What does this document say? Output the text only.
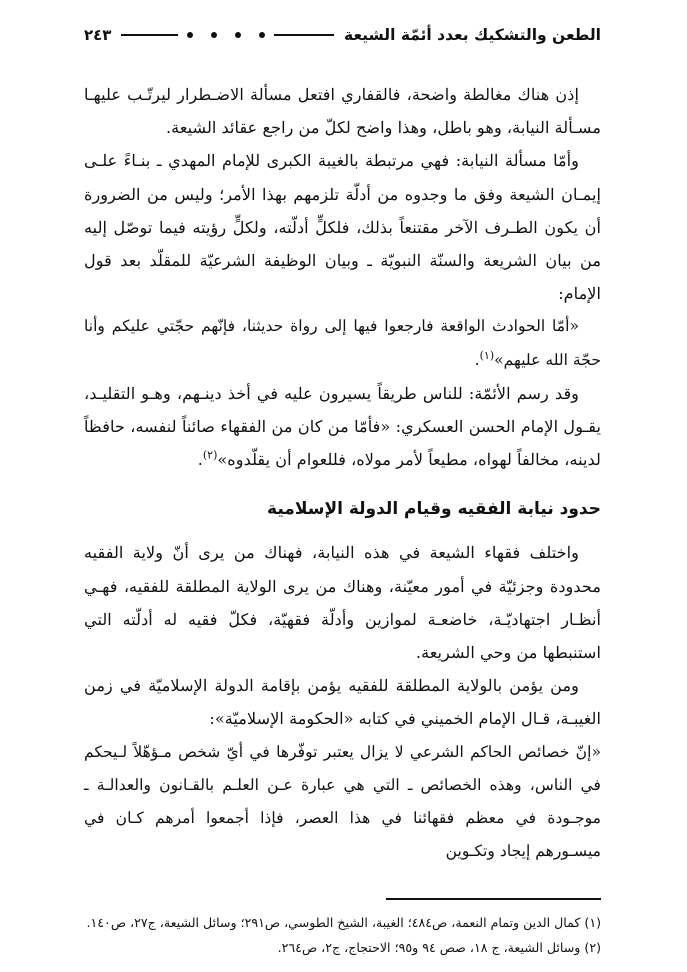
الطعن والتشكيك بعدد أئمّة الشيعة
٢٤٣

إذن هناك مغالطة واضحة، فالقفاري افتعل مسألة الاضـطرار ليرتّـب عليهـا مسـألة النيابة، وهو باطل، وهذا واضح لكلّ من راجع عقائد الشيعة.

وأمّا مسألة النيابة: فهي مرتبطة بالغيبة الكبرى للإمام المهدي ـ بنـاءً علـى إيمـان الشيعة وفق ما وجدوه من أدلّة تلزمهم بهذا الأمر؛ وليس من الضرورة أن يكون الطـرف الآخر مقتنعاً بذلك، فلكلٍّ أدلّته، ولكلٍّ رؤيته فيما توصّل إليه من بيان الشريعة والسنّة النبويّة ـ وبيان الوظيفة الشرعيّة للمقلّد بعد قول الإمام:

«أمّا الحوادث الواقعة فارجعوا فيها إلى رواة حديثنا، فإنّهم حجّتي عليكم وأنا حجّة الله عليهم»$^{(١)}$.

وقد رسم الأئمّة: للناس طريقاً يسيرون عليه في أخذ دينـهم، وهـو التقليـد، يقـول الإمام الحسن العسكري: «فأمّا من كان من الفقهاء صائناً لنفسه، حافظاً لدينه، مخالفاً لهواه، مطيعاً لأمر مولاه، فللعوام أن يقلّدوه»$^{(٢)}$.

حدود نيابة الفقيه وقيام الدولة الإسلامية

واختلف فقهاء الشيعة في هذه النيابة، فهناك من يرى أنّ ولاية الفقيه محدودة وجزئيّة في أمور معيّنة، وهناك من يرى الولاية المطلقة للفقيه، فهـي أنظـار اجتهاديّـة، خاضعـة لموازين وأدلّة فقهيّة، فكلّ فقيه له أدلّته التي استنبطها من وحي الشريعة.

ومن يؤمن بالولاية المطلقة للفقيه يؤمن بإقامة الدولة الإسلاميّة في زمن الغيبـة، قـال الإمام الخميني في كتابه «الحكومة الإسلاميّة»:

«إنّ خصائص الحاكم الشرعي لا يزال يعتبر توفّرها في أيّ شخص مـؤهّلاً لـيحكم في الناس، وهذه الخصائص ـ التي هي عبارة عـن العلـم بالقـانون والعدالـة ـ موجـودة في معظم فقهائنا في هذا العصر، فإذا أجمعوا أمرهم كـان في ميسـورهم إيجاد وتكـوين

(١) كمال الدين وتمام النعمة، ص٤٨٤؛ الغيبة، الشيخ الطوسي، ص٢٩١؛ وسائل الشيعة، ج٢٧، ص١٤٠.

(٢) وسائل الشيعة، ج ١٨، صص ٩٤ و٩٥؛ الاحتجاج، ج٢، ص٢٦٤.
